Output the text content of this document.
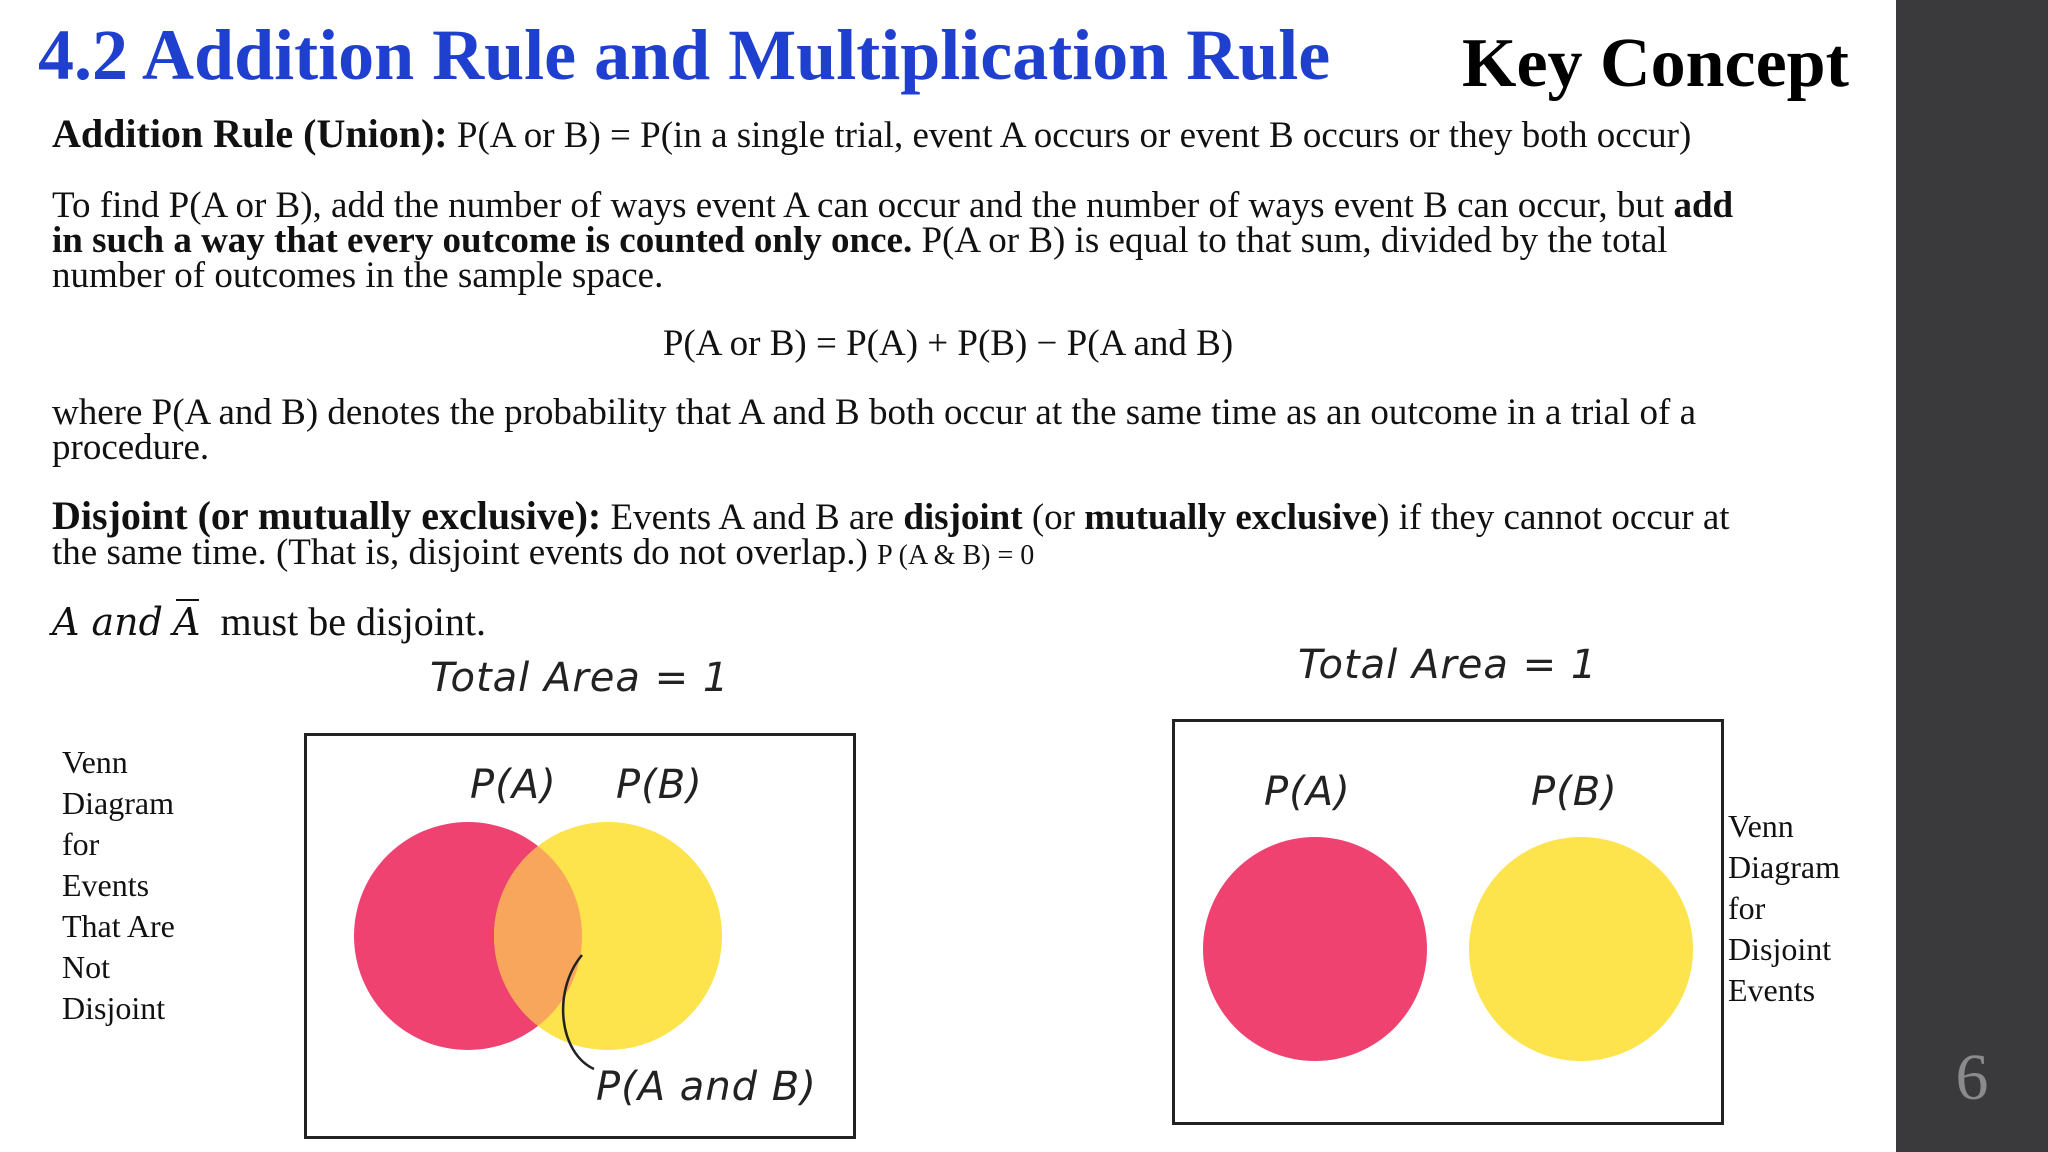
6
4.2 Addition Rule and Multiplication Rule Key Concept
Addition Rule (Union): P(A or B) = P(in a single trial, event A occurs or event B occurs or they both occur)
To find P(A or B), add the number of ways event A can occur and the number of ways event B can occur, but add
in such a way that every outcome is counted only once. P(A or B) is equal to that sum, divided by the total
number of outcomes in the sample space.
P(A or B) = P(A) + P(B) − P(A and B)
where P(A and B) denotes the probability that A and B both occur at the same time as an outcome in a trial of a
procedure.
Disjoint (or mutually exclusive): Events A and B are disjoint (or mutually exclusive) if they cannot occur at
the same time. (That is, disjoint events do not overlap.) P (A & B) = 0
A and A must be disjoint.
Venn
Diagram
for
Events
That Are
Not
Disjoint
Total Area = 1
P(A) P(B)
P(A and B)
Total Area = 1
P(A)	P(B)
Venn
Diagram
for
Disjoint
Events
